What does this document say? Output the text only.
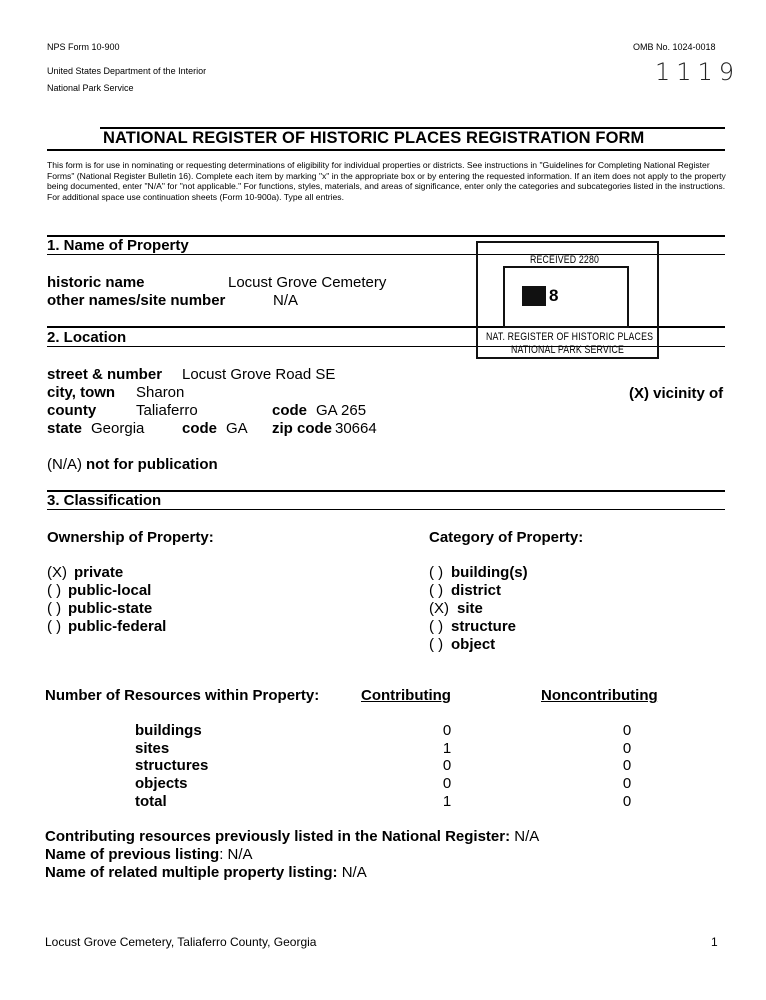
NPS Form 10-900	OMB No. 1024-0018
United States Department of the Interior
National Park Service
1119
NATIONAL REGISTER OF HISTORIC PLACES REGISTRATION FORM
This form is for use in nominating or requesting determinations of eligibility for individual properties or districts. See instructions in "Guidelines for Completing National Register Forms" (National Register Bulletin 16). Complete each item by marking "x" in the appropriate box or by entering the requested information. If an item does not apply to the property being documented, enter "N/A" for "not applicable." For functions, styles, materials, and areas of significance, enter only the categories and subcategories listed in the instructions. For additional space use continuation sheets (Form 10-900a). Type all entries.
1. Name of Property
historic name	Locust Grove Cemetery
other names/site number	N/A
2. Location
RECEIVED 2280
8
NAT. REGISTER OF HISTORIC PLACES
NATIONAL PARK SERVICE
street & number Locust Grove Road SE
city, town Sharon	(X) vicinity of
county	Taliaferro	code GA 265
state Georgia	code GA zip code 30664
(N/A) not for publication
3. Classification
Ownership of Property:	Category of Property:
(X) private
( ) public-local
( ) public-state
( ) public-federal
( ) building(s)
( ) district
(X) site
( ) structure
( ) object
Number of Resources within Property:	Contributing	Noncontributing
buildings	0	0
sites	1	0
structures	0	0
objects	0	0
total	1	0
Contributing resources previously listed in the National Register: N/A
Name of previous listing: N/A
Name of related multiple property listing: N/A
Locust Grove Cemetery, Taliaferro County, Georgia	1
